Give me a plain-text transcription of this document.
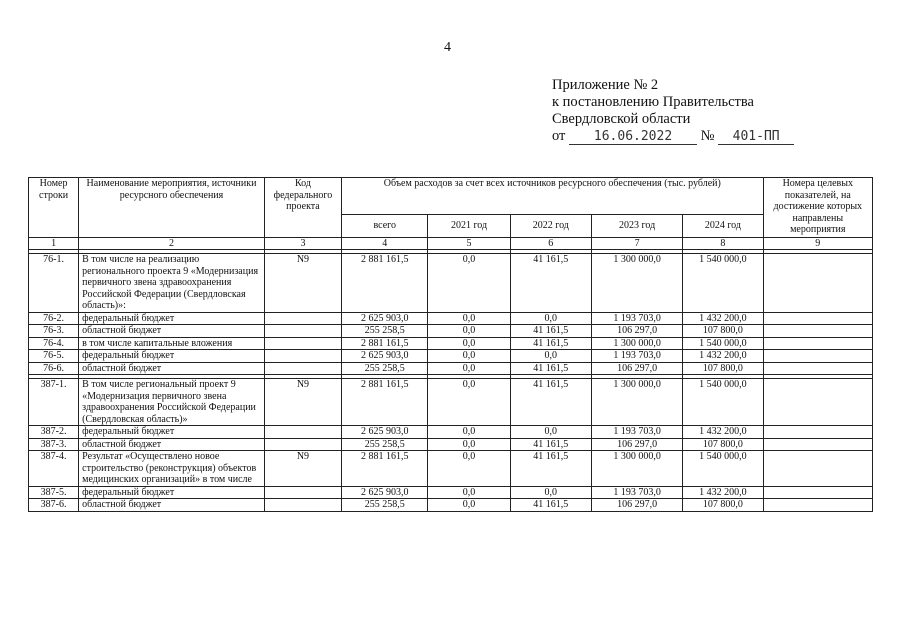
4
Приложение № 2
к постановлению Правительства
Свердловской области
от 16.06.2022 № 401-ПП
Номер строки	Наименование мероприятия, источники ресурсного обеспечения	Код федерального проекта	Объем расходов за счет всех источников ресурсного обеспечения (тыс. рублей)					Номера целевых показателей, на достижение которых направлены мероприятия
			всего	2021 год	2022 год	2023 год	2024 год	
1	2	3	4	5	6	7	8	9

76-1.	В том числе на реализацию регионального проекта 9 «Модернизация первичного звена здравоохранения Российской Федерации (Свердловская область)»:	N9	2 881 161,5	0,0	41 161,5	1 300 000,0	1 540 000,0	
76-2.	федеральный бюджет		2 625 903,0	0,0	0,0	1 193 703,0	1 432 200,0	
76-3.	областной бюджет		255 258,5	0,0	41 161,5	106 297,0	107 800,0	
76-4.	в том числе капитальные вложения		2 881 161,5	0,0	41 161,5	1 300 000,0	1 540 000,0	
76-5.	федеральный бюджет		2 625 903,0	0,0	0,0	1 193 703,0	1 432 200,0	
76-6.	областной бюджет		255 258,5	0,0	41 161,5	106 297,0	107 800,0	

387-1.	В том числе региональный проект 9 «Модернизация первичного звена здравоохранения Российской Федерации (Свердловская область)»	N9	2 881 161,5	0,0	41 161,5	1 300 000,0	1 540 000,0	
387-2.	федеральный бюджет		2 625 903,0	0,0	0,0	1 193 703,0	1 432 200,0	
387-3.	областной бюджет		255 258,5	0,0	41 161,5	106 297,0	107 800,0	
387-4.	Результат «Осуществлено новое строительство (реконструкция) объектов медицинских организаций» в том числе	N9	2 881 161,5	0,0	41 161,5	1 300 000,0	1 540 000,0	
387-5.	федеральный бюджет		2 625 903,0	0,0	0,0	1 193 703,0	1 432 200,0	
387-6.	областной бюджет		255 258,5	0,0	41 161,5	106 297,0	107 800,0	
